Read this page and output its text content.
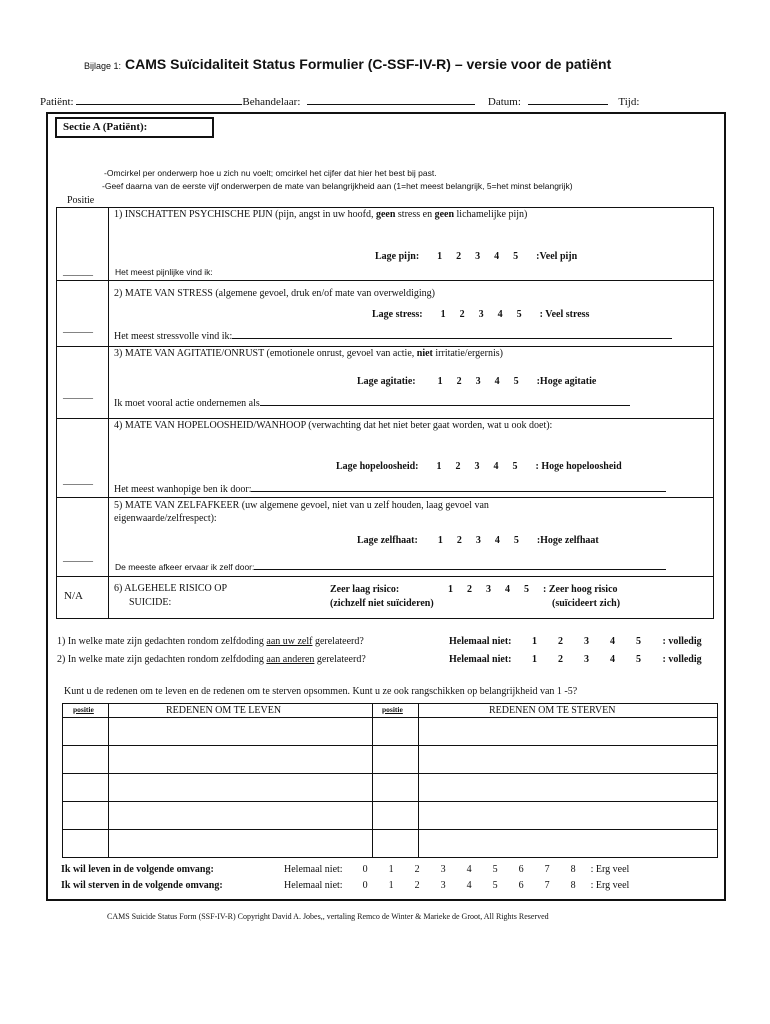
Bijlage 1: CAMS Suïcidaliteit Status Formulier (C-SSF-IV-R) – versie voor de patiënt
Patiënt:	Behandelaar:	Datum:	Tijd:
Sectie A (Patiënt):
-Omcirkel per onderwerp hoe u zich nu voelt; omcirkel het cijfer dat hier het best bij past.
-Geef daarna van de eerste vijf onderwerpen de mate van belangrijkheid aan (1=het meest belangrijk, 5=het minst belangrijk)
Positie
1) INSCHATTEN PSYCHISCHE PIJN (pijn, angst in uw hoofd, geen stress en geen lichamelijke pijn)
Lage pijn: 1 2 3 4 5 :Veel pijn
______	Het meest pijnlijke vind ik:
2) MATE VAN STRESS (algemene gevoel, druk en/of mate van overweldiging)
Lage stress: 1 2 3 4 5 : Veel stress
——— Het meest stressvolle vind ik:
3) MATE VAN AGITATIE/ONRUST (emotionele onrust, gevoel van actie, niet irritatie/ergernis)
Lage agitatie: 1 2 3 4 5 :Hoge agitatie
——— Ik moet vooral actie ondernemen als
4) MATE VAN HOPELOOSHEID/WANHOOP (verwachting dat het niet beter gaat worden, wat u ook doet):
Lage hopeloosheid: 1 2 3 4 5 : Hoge hopeloosheid
——— Het meest wanhopige ben ik door:
5) MATE VAN ZELFAFKEER (uw algemene gevoel, niet van u zelf houden, laag gevoel van
eigenwaarde/zelfrespect):
Lage zelfhaat: 1 2 3 4 5 :Hoge zelfhaat
———	De meeste afkeer ervaar ik zelf door:
N/A
6) ALGEHELE RISICO OP
SUICIDE:
Zeer laag risico:
(zichzelf niet suïcideren)
1 2 3 4 5	: Zeer hoog risico
(suïcideert zich)
1) In welke mate zijn gedachten rondom zelfdoding aan uw zelf gerelateerd?	Helemaal niet: 1 2 3 4 5 : volledig
2) In welke mate zijn gedachten rondom zelfdoding aan anderen gerelateerd?	Helemaal niet: 1 2 3 4 5 : volledig
Kunt u de redenen om te leven en de redenen om te sterven opsommen. Kunt u ze ook rangschikken op belangrijkheid van 1 -5?
positie	REDENEN OM TE LEVEN	positie	REDENEN OM TE STERVEN
Ik wil leven in de volgende omvang:	Helemaal niet: 0 1 2 3 4 5 6 7 8 : Erg veel
Ik wil sterven in de volgende omvang:	Helemaal niet: 0 1 2 3 4 5 6 7 8 : Erg veel
CAMS Suicide Status Form (SSF-IV-R) Copyright David A. Jobes,, vertaling Remco de Winter & Marieke de Groot, All Rights Reserved
